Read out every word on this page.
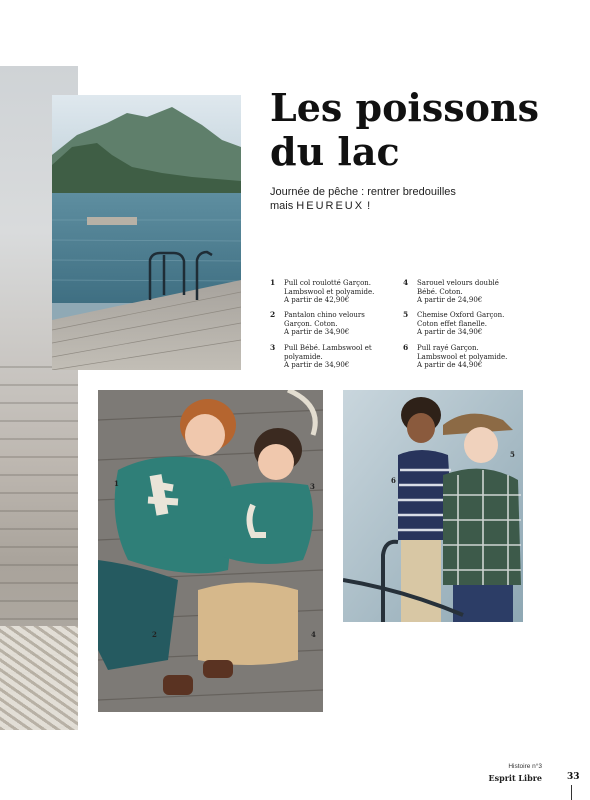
Les poissons du lac
Journée de pêche : rentrer bredouilles
mais HEUREUX !
1 Pull col roulotté Garçon.
Lambswool et polyamide.
A partir de 42,90€
2 Pantalon chino velours
Garçon. Coton.
A partir de 34,90€
3 Pull Bébé. Lambswool et
polyamide.
A partir de 34,90€
4 Sarouel velours doublé
Bébé. Coton.
A partir de 24,90€
5 Chemise Oxford Garçon.
Coton effet flanelle.
A partir de 34,90€
6 Pull rayé Garçon.
Lambswool et polyamide.
A partir de 44,90€
1
2
3
4
5
6
Histoire n°3
Esprit Libre	33
